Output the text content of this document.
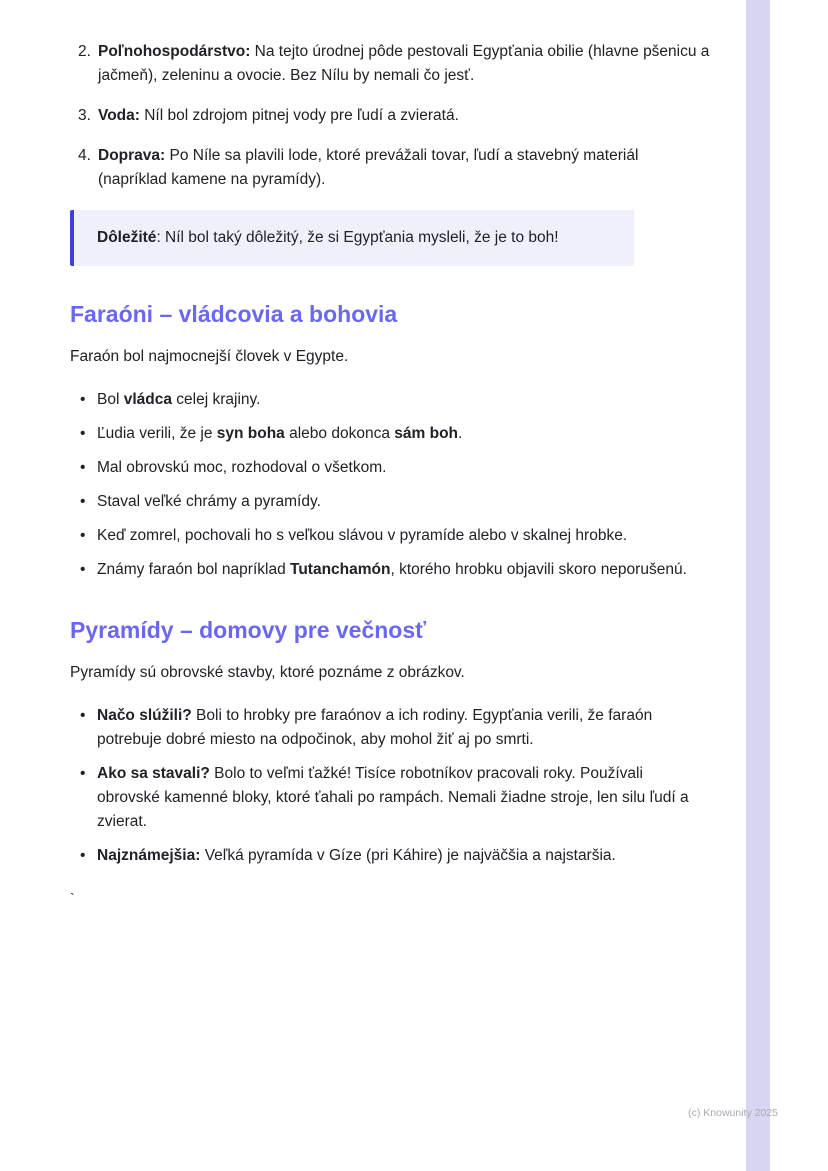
2. Poľnohospodárstvo: Na tejto úrodnej pôde pestovali Egypťania obilie (hlavne pšenicu a jačmeň), zeleninu a ovocie. Bez Nílu by nemali čo jesť.
3. Voda: Níl bol zdrojom pitnej vody pre ľudí a zvieratá.
4. Doprava: Po Níle sa plavili lode, ktoré prevážali tovar, ľudí a stavebný materiál (napríklad kamene na pyramídy).

Dôležité: Níl bol taký dôležitý, že si Egypťania mysleli, že je to boh!

Faraóni – vládcovia a bohovia

Faraón bol najmocnejší človek v Egypte.

• Bol vládca celej krajiny.
• Ľudia verili, že je syn boha alebo dokonca sám boh.
• Mal obrovskú moc, rozhodoval o všetkom.
• Staval veľké chrámy a pyramídy.
• Keď zomrel, pochovali ho s veľkou slávou v pyramíde alebo v skalnej hrobke.
• Známy faraón bol napríklad Tutanchamón, ktorého hrobku objavili skoro neporušenú.
Pyramídy – domovy pre večnosť

Pyramídy sú obrovské stavby, ktoré poznáme z obrázkov.

• Načo slúžili? Boli to hrobky pre faraónov a ich rodiny. Egypťania verili, že faraón potrebuje dobré miesto na odpočinok, aby mohol žiť aj po smrti.
• Ako sa stavali? Bolo to veľmi ťažké! Tisíce robotníkov pracovali roky. Používali obrovské kamenné bloky, ktoré ťahali po rampách. Nemali žiadne stroje, len silu ľudí a zvierat.
• Najznámejšia: Veľká pyramída v Gíze (pri Káhire) je najväčšia a najstaršia.
`
(c) Knowunity 2025
